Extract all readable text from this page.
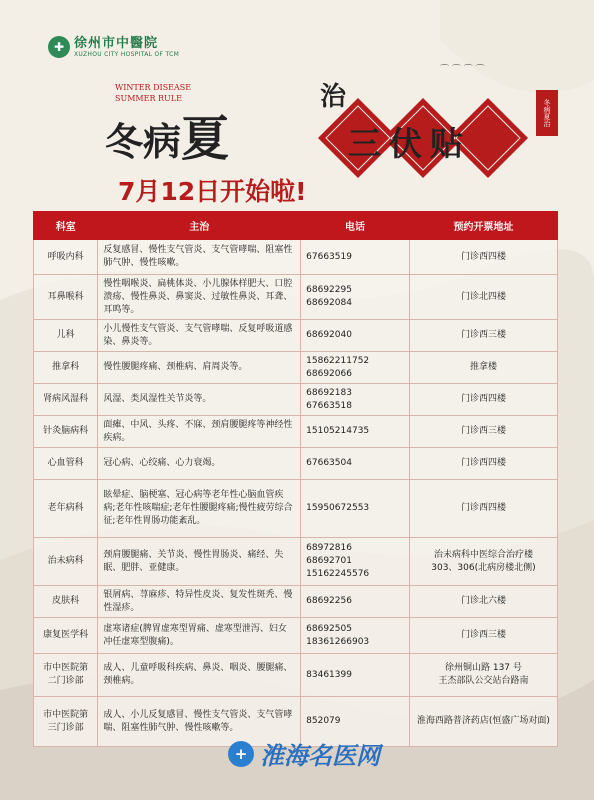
✚ 徐州市中醫院
XUZHOU CITY HOSPITAL OF TCM
⌒ ⌒ ⌒ ⌒
WINTER DISEASE
SUMMER RULE
冬病夏
治
冬病夏治
三伏贴
7月12日开始啦!
科室	主治	电话	预约开票地址
呼吸内科	反复感冒、慢性支气管炎、支气管哮喘、阻塞性肺气肿、慢性咳嗽。	67663519	门诊西四楼
耳鼻喉科	慢性咽喉炎、扁桃体炎、小儿腺体样肥大、口腔溃疡、慢性鼻炎、鼻窦炎、过敏性鼻炎、耳聋、耳鸣等。	68692295
68692084	门诊北四楼
儿科	小儿慢性支气管炎、支气管哮喘、反复呼吸道感染、鼻炎等。	68692040	门诊西三楼
推拿科	慢性腰腿疼痛、颈椎病、肩周炎等。	15862211752
68692066	推拿楼
肾病风湿科	风湿、类风湿性关节炎等。	68692183
67663518	门诊西四楼
针灸脑病科	面瘫、中风、头疼、不寐、颈肩腰腿疼等神经性疾病。	15105214735	门诊西三楼
心血管科	冠心病、心绞痛、心力衰竭。	67663504	门诊西四楼
老年病科	眩晕症、脑梗塞、冠心病等老年性心脑血管疾病;老年性咳喘症;老年性腰腿疼痛;慢性疲劳综合征;老年性胃肠功能紊乱。	15950672553	门诊西四楼
治未病科	颈肩腰腿痛、关节炎、慢性胃肠炎、痛经、失眠、肥胖、亚健康。	68972816
68692701
15162245576	治未病科中医综合治疗楼
303、306(北病房楼北侧)
皮肤科	银屑病、荨麻疹、特异性皮炎、复发性斑秃、慢性湿疹。	68692256	门诊北六楼
康复医学科	虚寒诸症(脾胃虚寒型胃痛、虚寒型泄泻、妇女冲任虚寒型腹痛)。	68692505
18361266903	门诊西三楼
市中医院第二门诊部	成人、儿童呼吸科疾病、鼻炎、咽炎、腰腿痛、颈椎病。	83461399	徐州铜山路 137 号
王杰部队公交站台路南
市中医院第三门诊部	成人、小儿反复感冒、慢性支气管炎、支气管哮喘、阻塞性肺气肿、慢性咳嗽等。	852079	淮海西路普济药店(恒盛广场对面)
+ 淮海名医网
